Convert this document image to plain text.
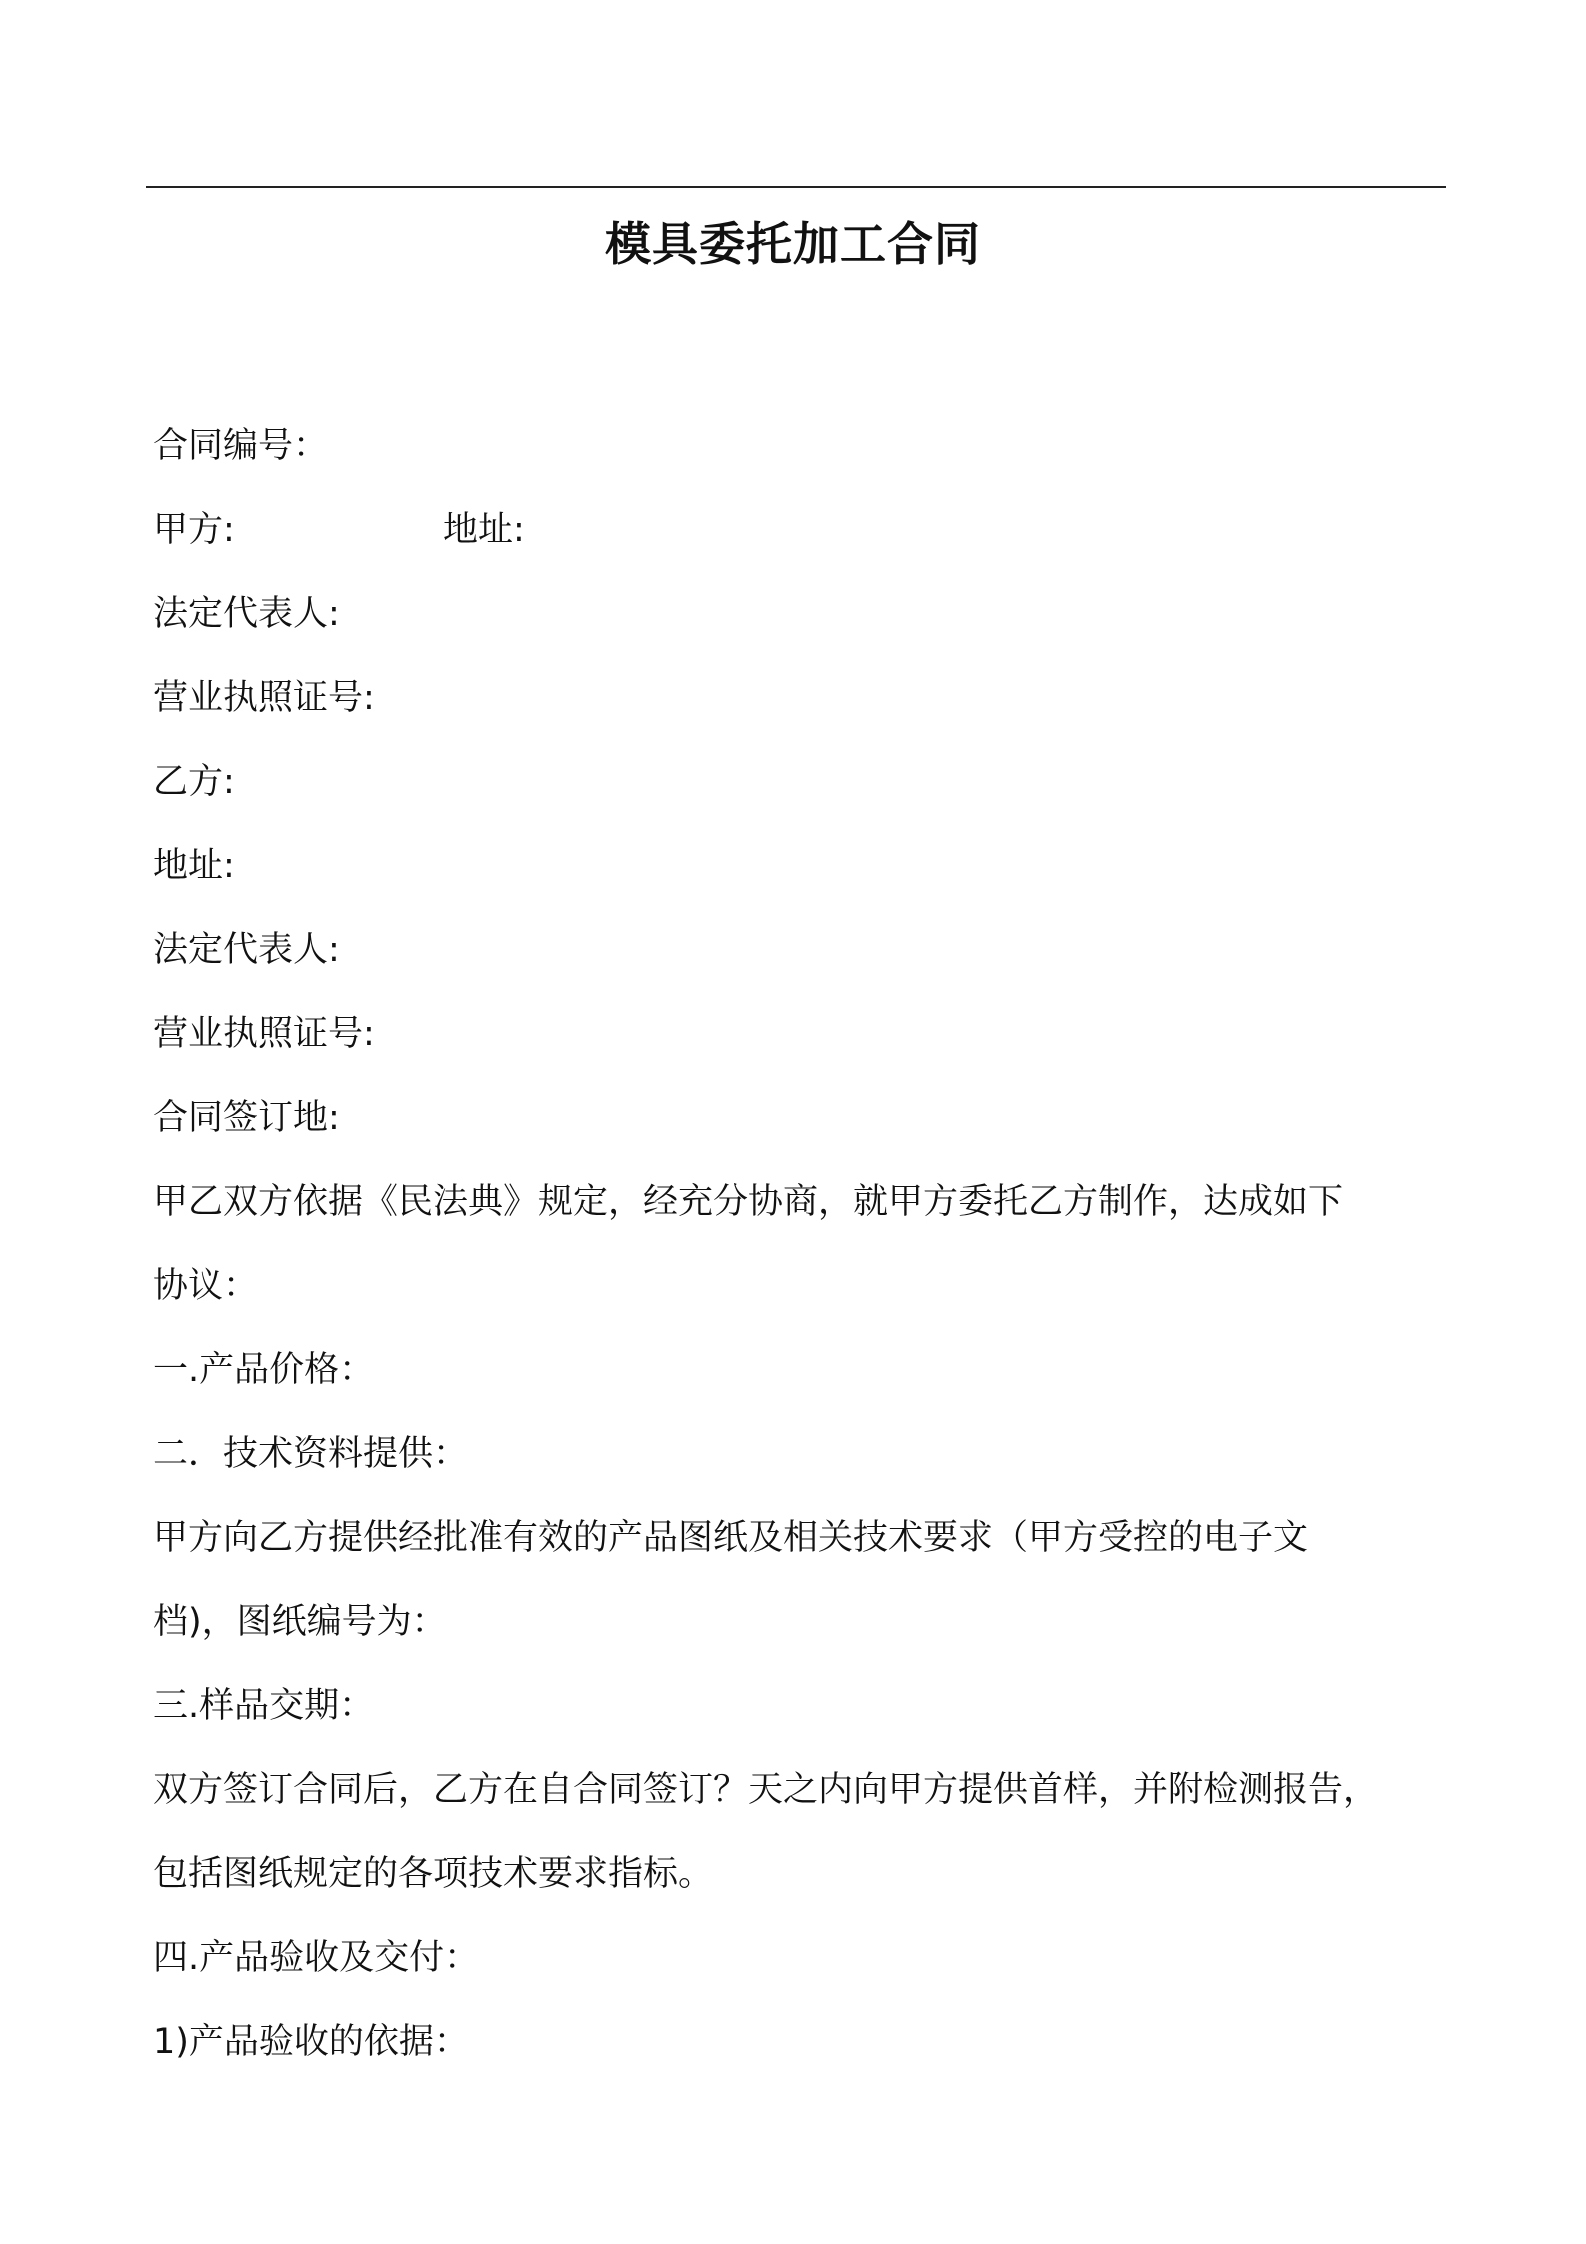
模具委托加工合同
合同编号：
甲方:	地址:
法定代表人:
营业执照证号:
乙方:
地址:
法定代表人:
营业执照证号:
合同签订地:
甲乙双方依据《民法典》规定，经充分协商，就甲方委托乙方制作，达成如下
协议：
一.产品价格：
二．技术资料提供：
甲方向乙方提供经批准有效的产品图纸及相关技术要求（甲方受控的电子文
档)，图纸编号为：
三.样品交期：
双方签订合同后，乙方在自合同签订？天之内向甲方提供首样，并附检测报告，
包括图纸规定的各项技术要求指标。
四.产品验收及交付：
1)产品验收的依据：
